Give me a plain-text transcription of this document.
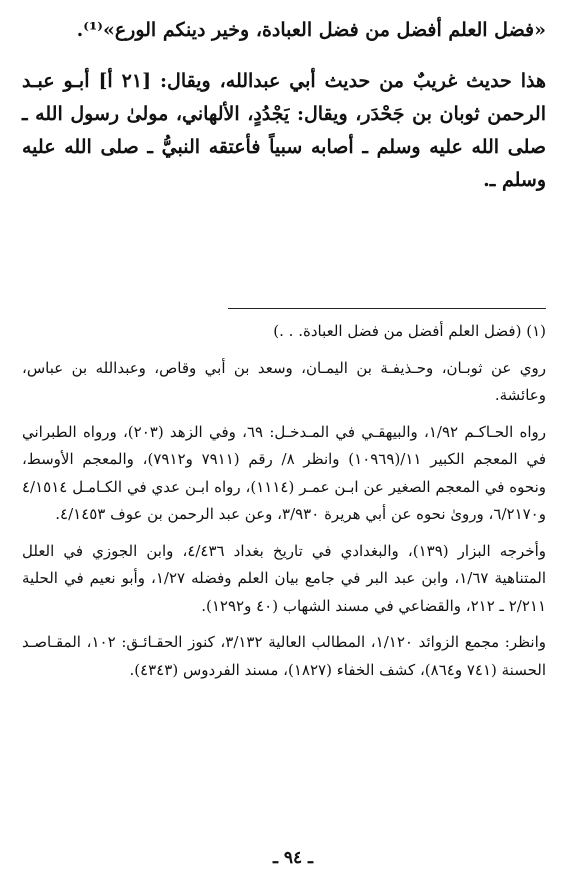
«فضل العلم أفضل من فضل العبادة، وخير دينكم الورع»⁽¹⁾.

هذا حديث غريبٌ من حديث أبي عبدالله، ويقال: [٢١ أ] أبـو عبـد الرحمن ثوبان بن جَحْدَر، ويقال: يَجْدُدٍ، الألهاني، مولىٰ رسول الله ـ صلى الله عليه وسلم ـ أصابه سبياً فأعتقه النبيُّ ـ صلى الله عليه وسلم ـ.

(١) (فضل العلم أفضل من فضل العبادة. . .)

روي عن ثوبـان، وحـذيفـة بن اليمـان، وسعد بن أبي وقاص، وعبدالله بن عباس، وعائشة.

رواه الحـاكـم ١/٩٢، والبيهقـي في المـدخـل: ٦٩، وفي الزهد (٢٠٣)، ورواه الطبراني في المعجم الكبير ١١/(١٠٩٦٩) وانظر ٨/ رقم (٧٩١١ و٧٩١٢)، والمعجم الأوسط، ونحوه في المعجم الصغير عن ابـن عمـر (١١١٤)، رواه ابـن عدي في الكـامـل ٤/١٥١٤ و٦/٢١٧٠، وروىٰ نحوه عن أبي هريرة ٣/٩٣٠، وعن عبد الرحمن بن عوف ٤/١٤٥٣.

وأخرجه البزار (١٣٩)، والبغدادي في تاريخ بغداد ٤/٤٣٦، وابن الجوزي في العلل المتناهية ١/٦٧، وابن عبد البر في جامع بيان العلم وفضله ١/٢٧، وأبو نعيم في الحلية ٢/٢١١ ـ ٢١٢، والقضاعي في مسند الشهاب (٤٠ و١٢٩٢).

وانظر: مجمع الزوائد ١/١٢٠، المطالب العالية ٣/١٣٢، كنوز الحقـائـق: ١٠٢، المقـاصـد الحسنة (٧٤١ و٨٦٤)، كشف الخفاء (١٨٢٧)، مسند الفردوس (٤٣٤٣).

ـ ٩٤ ـ
